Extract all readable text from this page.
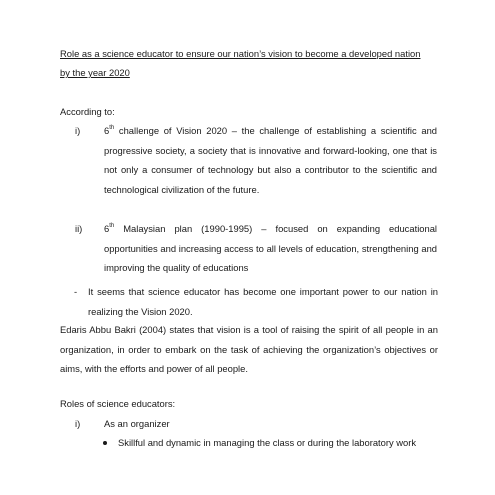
Role as a science educator to ensure our nation’s vision to become a developed nation
by the year 2020
According to:
i)	6th challenge of Vision 2020 – the challenge of establishing a scientific and progressive society, a society that is innovative and forward-looking, one that is not only a consumer of technology but also a contributor to the scientific and technological civilization of the future.
ii) 6th Malaysian plan (1990-1995) – focused on expanding educational opportunities and increasing access to all levels of education, strengthening and improving the quality of educations
- It seems that science educator has become one important power to our nation in realizing the Vision 2020.
Edaris Abbu Bakri (2004) states that vision is a tool of raising the spirit of all people in an organization, in order to embark on the task of achieving the organization’s objectives or aims, with the efforts and power of all people.
Roles of science educators:
i)	As an organizer
Skillful and dynamic in managing the class or during the laboratory work
